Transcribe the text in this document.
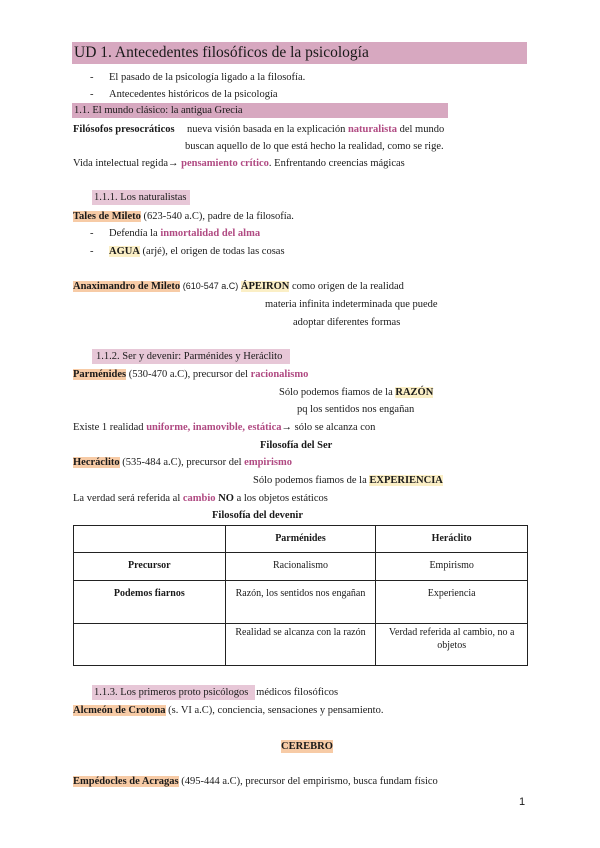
UD 1. Antecedentes filosóficos de la psicología
- El pasado de la psicología ligado a la filosofía.
- Antecedentes históricos de la psicología
1.1. El mundo clásico: la antigua Grecia
Filósofos presocráticos nueva visión basada en la explicación naturalista del mundo
buscan aquello de lo que está hecho la realidad, como se rige.
Vida intelectual regida→ pensamiento crítico. Enfrentando creencias mágicas
1.1.1. Los naturalistas
Tales de Mileto (623-540 a.C), padre de la filosofía.
- Defendía la inmortalidad del alma
- AGUA (arjé), el origen de todas las cosas
Anaximandro de Mileto (610-547 a.C) ÁPEIRON como origen de la realidad
materia infinita indeterminada que puede
adoptar diferentes formas
1.1.2. Ser y devenir: Parménides y Heráclito
Parménides (530-470 a.C), precursor del racionalismo
Sólo podemos fiamos de la RAZÓN
pq los sentidos nos engañan
Existe 1 realidad uniforme, inamovible, estática→ sólo se alcanza con
Filosofía del Ser
Hecráclito (535-484 a.C), precursor del empirismo
Sólo podemos fiamos de la EXPERIENCIA
La verdad será referida al cambio NO a los objetos estáticos
Filosofía del devenir
	Parménides	Heráclito
Precursor	Racionalismo	Empirismo
Podemos fiarnos	Razón, los sentidos nos engañan	Experiencia
	Realidad se alcanza con la razón	Verdad referida al cambio, no a objetos
1.1.3. Los primeros proto psicólogos médicos filosóficos
Alcmeón de Crotona (s. VI a.C), conciencia, sensaciones y pensamiento.
CEREBRO
Empédocles de Acragas (495-444 a.C), precursor del empirismo, busca fundam físico
1
